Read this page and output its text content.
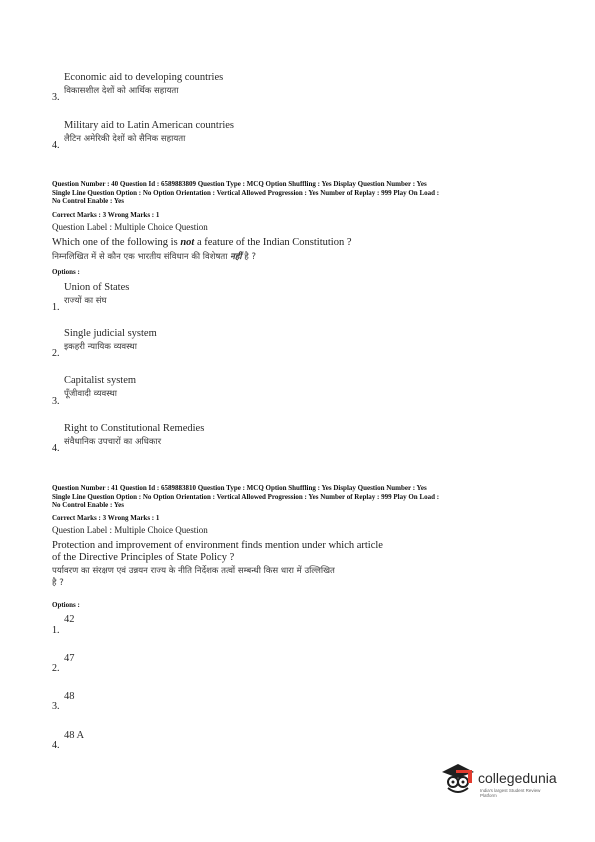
Economic aid to developing countries
3.
विकासशील देशों को आर्थिक सहायता
Military aid to Latin American countries
4.
लैटिन अमेरिकी देशों को सैनिक सहायता
Question Number : 40 Question Id : 6589883809 Question Type : MCQ Option Shuffling : Yes Display Question Number : Yes
Single Line Question Option : No Option Orientation : Vertical Allowed Progression : Yes Number of Replay : 999 Play On Load :
No Control Enable : Yes
Correct Marks : 3 Wrong Marks : 1
Question Label : Multiple Choice Question
Which one of the following is not a feature of the Indian Constitution ?
निम्नलिखित में से कौन एक भारतीय संविधान की विशेषता नहीं है ?
Options :
Union of States
राज्यों का संघ
1.
Single judicial system
इकहरी न्यायिक व्यवस्था
2.
Capitalist system
पूँजीवादी व्यवस्था
3.
Right to Constitutional Remedies
संवैधानिक उपचारों का अधिकार
4.
Question Number : 41 Question Id : 6589883810 Question Type : MCQ Option Shuffling : Yes Display Question Number : Yes
Single Line Question Option : No Option Orientation : Vertical Allowed Progression : Yes Number of Replay : 999 Play On Load :
No Control Enable : Yes
Correct Marks : 3 Wrong Marks : 1
Question Label : Multiple Choice Question
Protection and improvement of environment finds mention under which article
of the Directive Principles of State Policy ?
पर्यावरण का संरक्षण एवं उन्नयन राज्य के नीति निर्देशक तत्वों सम्बन्धी किस धारा में उल्लिखित
है ?
Options :
42
1.
47
2.
48
3.
48 A
4.
collegedunia
India's largest Student Review Platform
